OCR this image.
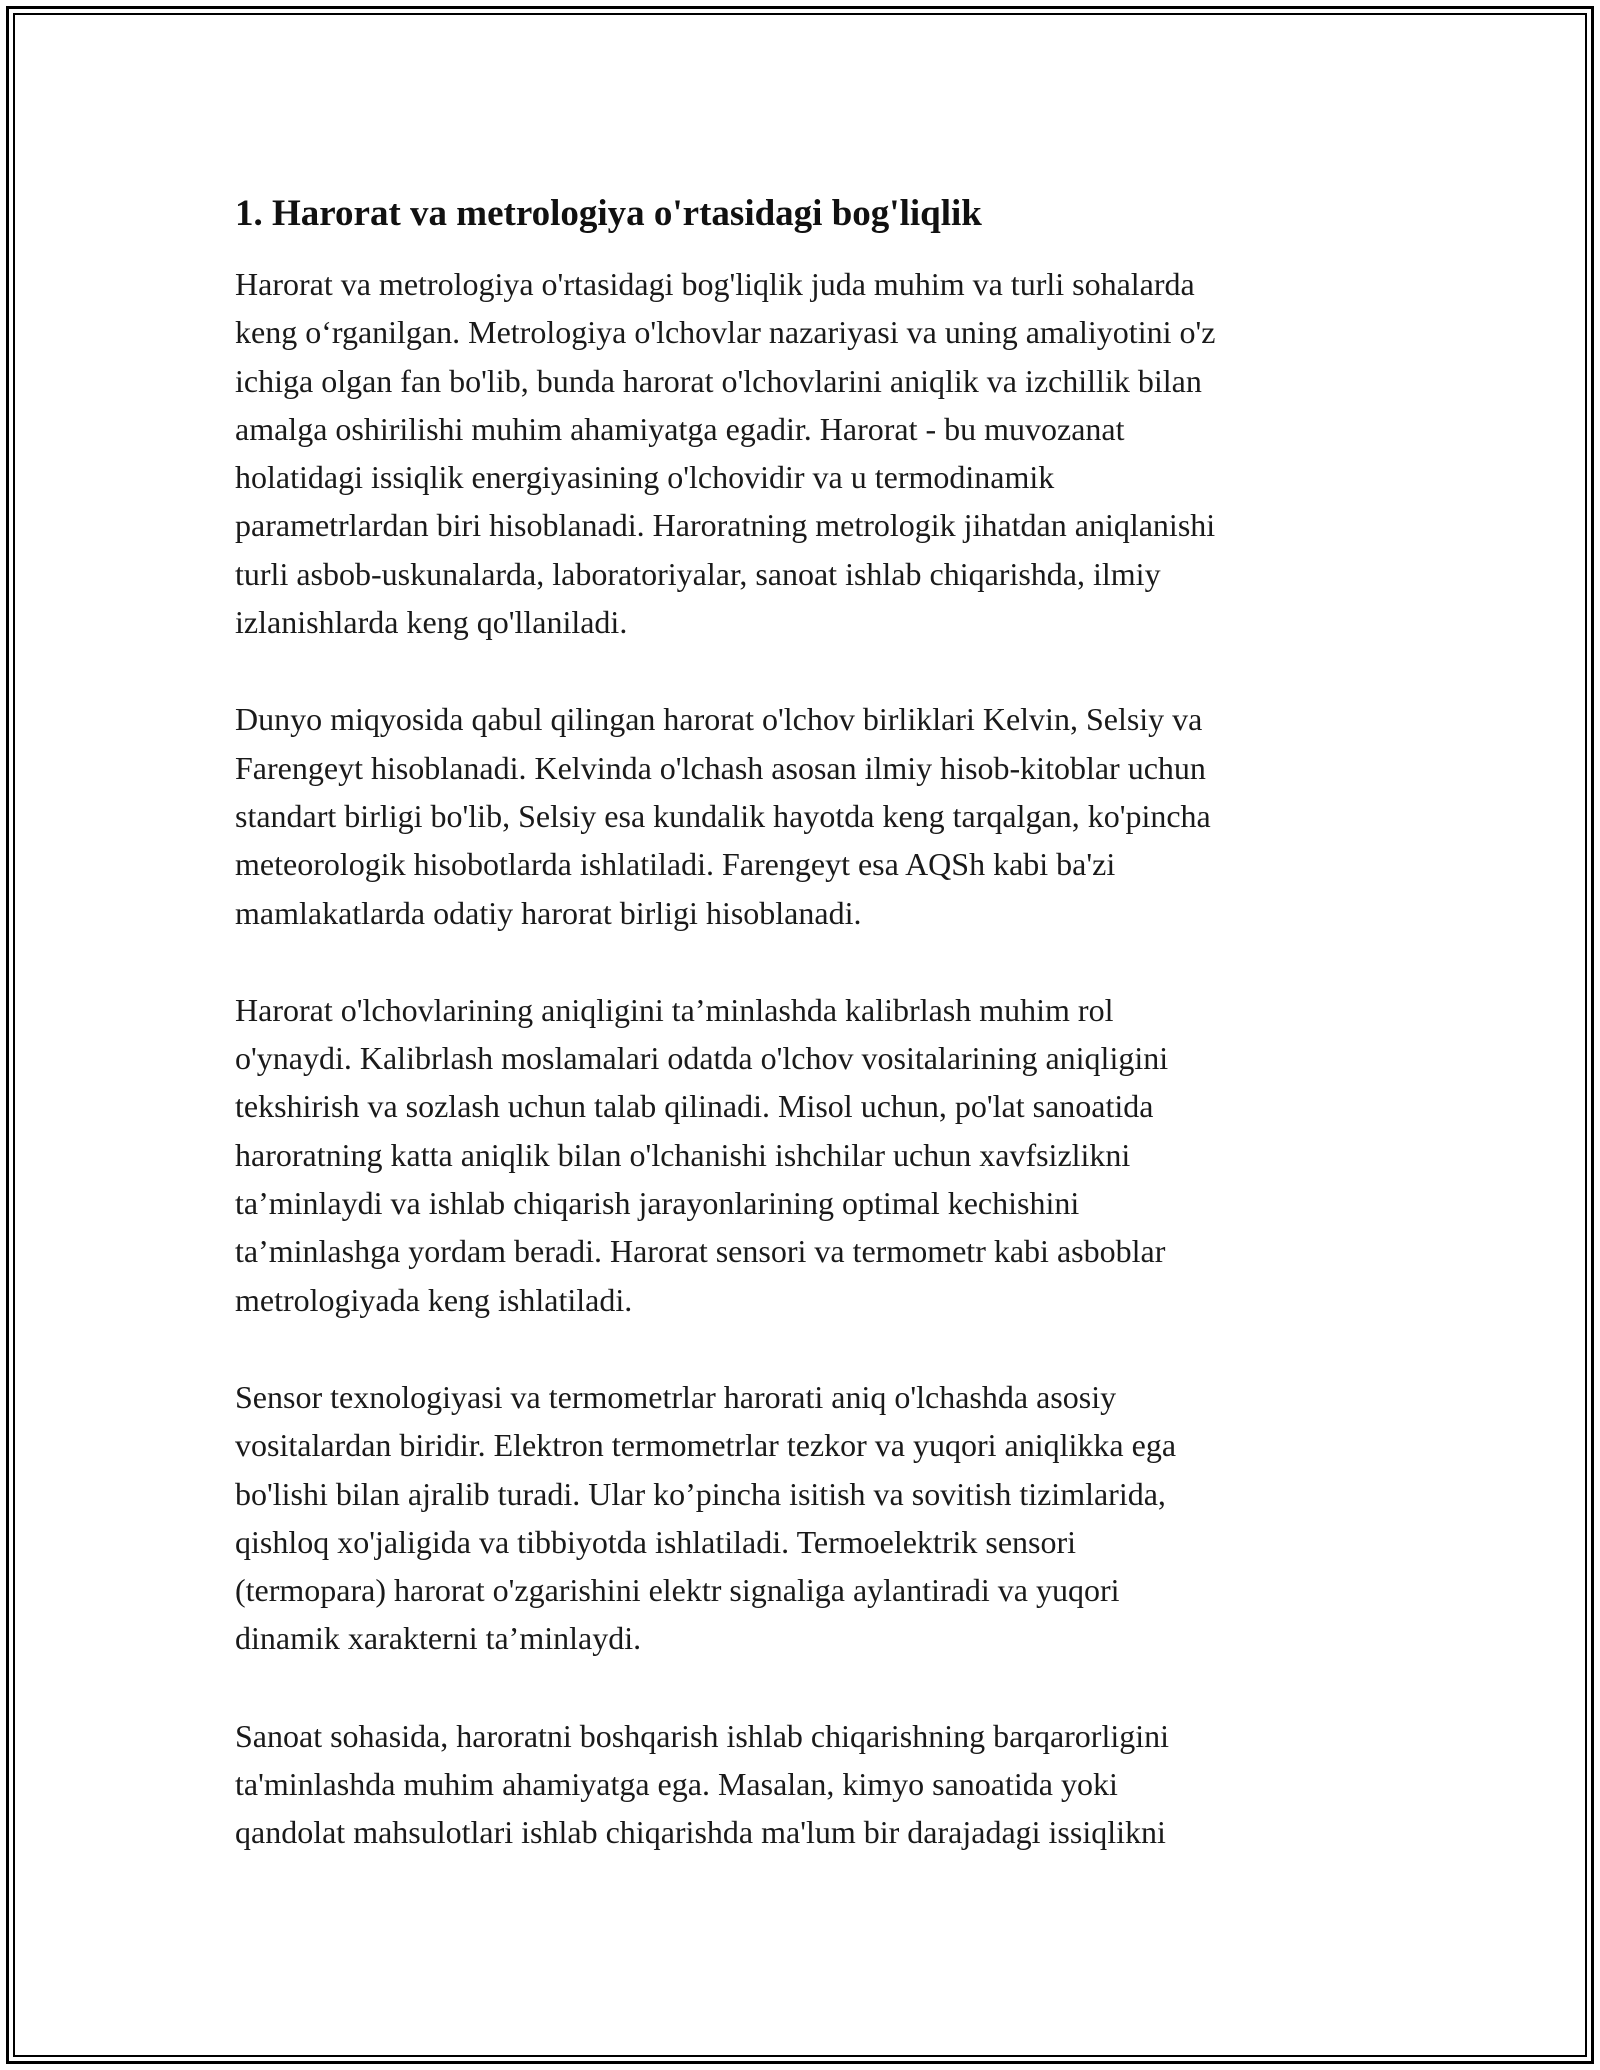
1. Harorat va metrologiya o'rtasidagi bog'liqlik
Harorat va metrologiya o'rtasidagi bog'liqlik juda muhim va turli sohalarda
keng o‘rganilgan. Metrologiya o'lchovlar nazariyasi va uning amaliyotini o'z
ichiga olgan fan bo'lib, bunda harorat o'lchovlarini aniqlik va izchillik bilan
amalga oshirilishi muhim ahamiyatga egadir. Harorat - bu muvozanat
holatidagi issiqlik energiyasining o'lchovidir va u termodinamik
parametrlardan biri hisoblanadi. Haroratning metrologik jihatdan aniqlanishi
turli asbob-uskunalarda, laboratoriyalar, sanoat ishlab chiqarishda, ilmiy
izlanishlarda keng qo'llaniladi.
Dunyo miqyosida qabul qilingan harorat o'lchov birliklari Kelvin, Selsiy va
Farengeyt hisoblanadi. Kelvinda o'lchash asosan ilmiy hisob-kitoblar uchun
standart birligi bo'lib, Selsiy esa kundalik hayotda keng tarqalgan, ko'pincha
meteorologik hisobotlarda ishlatiladi. Farengeyt esa AQSh kabi ba'zi
mamlakatlarda odatiy harorat birligi hisoblanadi.
Harorat o'lchovlarining aniqligini ta’minlashda kalibrlash muhim rol
o'ynaydi. Kalibrlash moslamalari odatda o'lchov vositalarining aniqligini
tekshirish va sozlash uchun talab qilinadi. Misol uchun, po'lat sanoatida
haroratning katta aniqlik bilan o'lchanishi ishchilar uchun xavfsizlikni
ta’minlaydi va ishlab chiqarish jarayonlarining optimal kechishini
ta’minlashga yordam beradi. Harorat sensori va termometr kabi asboblar
metrologiyada keng ishlatiladi.
Sensor texnologiyasi va termometrlar harorati aniq o'lchashda asosiy
vositalardan biridir. Elektron termometrlar tezkor va yuqori aniqlikka ega
bo'lishi bilan ajralib turadi. Ular ko’pincha isitish va sovitish tizimlarida,
qishloq xo'jaligida va tibbiyotda ishlatiladi. Termoelektrik sensori
(termopara) harorat o'zgarishini elektr signaliga aylantiradi va yuqori
dinamik xarakterni ta’minlaydi.
Sanoat sohasida, haroratni boshqarish ishlab chiqarishning barqarorligini
ta'minlashda muhim ahamiyatga ega. Masalan, kimyo sanoatida yoki
qandolat mahsulotlari ishlab chiqarishda ma'lum bir darajadagi issiqlikni
